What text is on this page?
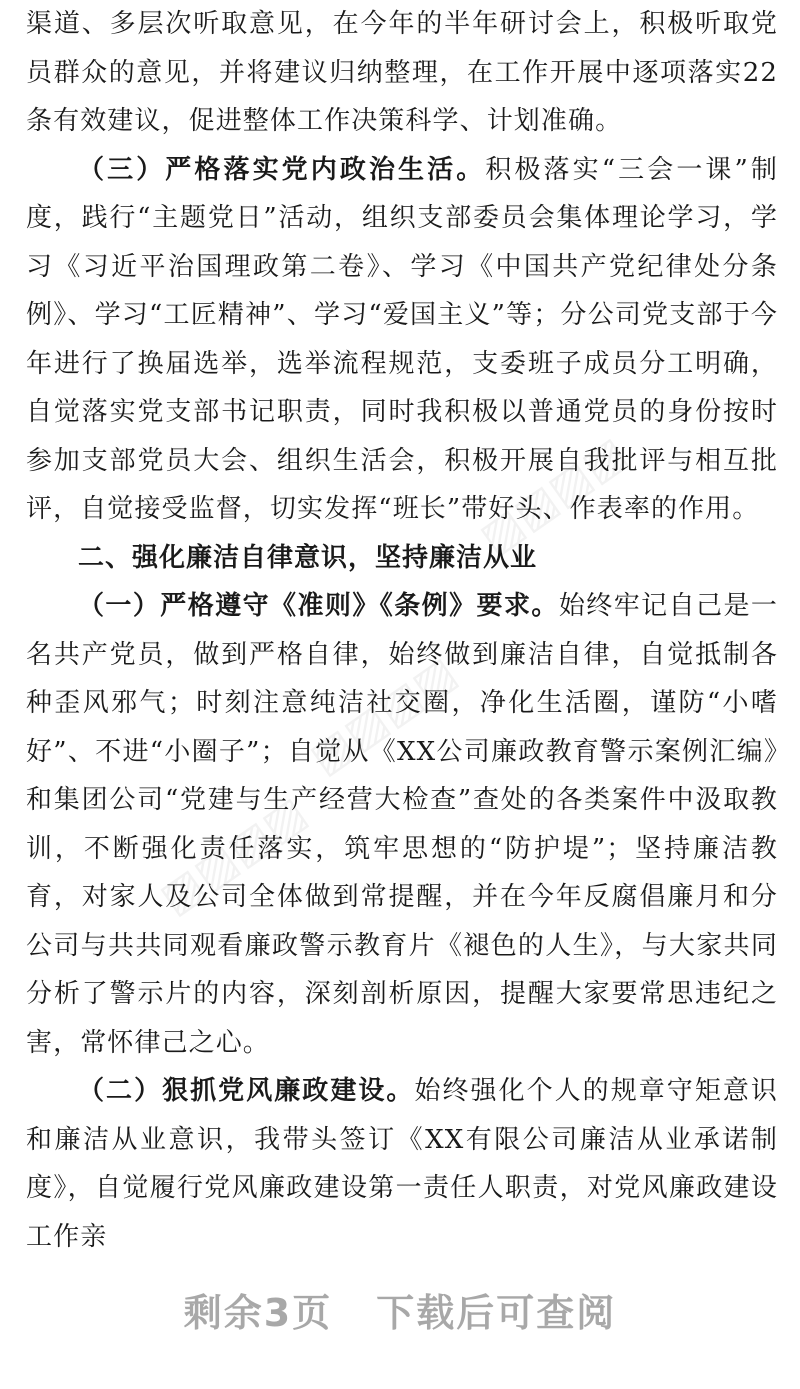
渠道、多层次听取意见，在今年的半年研讨会上，积极听取党员群众的意见，并将建议归纳整理，在工作开展中逐项落实22条有效建议，促进整体工作决策科学、计划准确。

（三）严格落实党内政治生活。积极落实“三会一课”制度，践行“主题党日”活动，组织支部委员会集体理论学习，学习《习近平治国理政第二卷》、学习《中国共产党纪律处分条例》、学习“工匠精神”、学习“爱国主义”等；分公司党支部于今年进行了换届选举，选举流程规范，支委班子成员分工明确，自觉落实党支部书记职责，同时我积极以普通党员的身份按时参加支部党员大会、组织生活会，积极开展自我批评与相互批评，自觉接受监督，切实发挥“班长”带好头、作表率的作用。

二、强化廉洁自律意识，坚持廉洁从业

（一）严格遵守《准则》《条例》要求。始终牢记自己是一名共产党员，做到严格自律，始终做到廉洁自律，自觉抵制各种歪风邪气；时刻注意纯洁社交圈，净化生活圈，谨防“小嗜好”、不进“小圈子”；自觉从《XX公司廉政教育警示案例汇编》和集团公司“党建与生产经营大检查”查处的各类案件中汲取教训，不断强化责任落实，筑牢思想的“防护堤”；坚持廉洁教育，对家人及公司全体做到常提醒，并在今年反腐倡廉月和分公司与共共同观看廉政警示教育片《褪色的人生》，与大家共同分析了警示片的内容，深刻剖析原因，提醒大家要常思违纪之害，常怀律己之心。

（二）狠抓党风廉政建设。始终强化个人的规章守矩意识和廉洁从业意识，我带头签订《XX有限公司廉洁从业承诺制度》，自觉履行党风廉政建设第一责任人职责，对党风廉政建设工作亲

▨▨▨▨
▨▨▨▨
▨▨▨▨
剩余3页 下载后可查阅
